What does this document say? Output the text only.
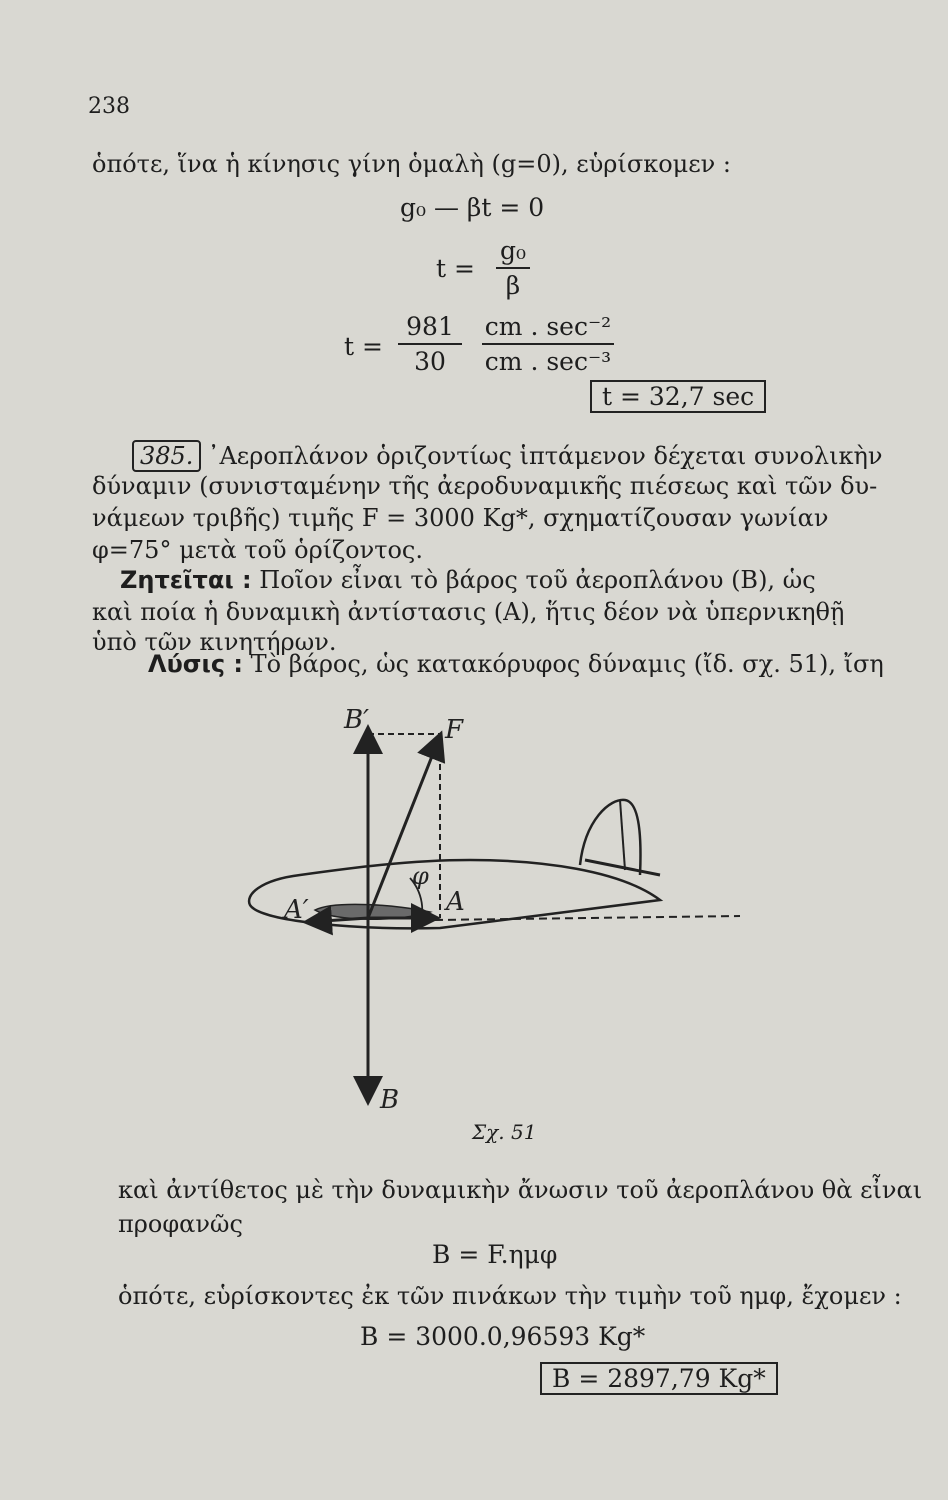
238
ὁπότε, ἵνα ἡ κίνησις γίνη ὁμαλὴ (g=0), εὑρίσκομεν :
g₀ — βt = 0
t =
g₀
β
t =
981
30
cm . sec⁻²
cm . sec⁻³
t = 32,7 sec
385. ᾿Αεροπλάνον ὁριζοντίως ἱπτάμενον δέχεται συνολικὴν
δύναμιν (συνισταμένην τῆς ἀεροδυναμικῆς πιέσεως καὶ τῶν δυ-
νάμεων τριβῆς) τιμῆς F = 3000 Kg*, σχηματίζουσαν γωνίαν
φ=75° μετὰ τοῦ ὁρίζοντος.
Ζητεῖται : Ποῖον εἶναι τὸ βάρος τοῦ ἀεροπλάνου (B), ὡς
καὶ ποία ἡ δυναμικὴ ἀντίστασις (A), ἥτις δέον νὰ ὑπερνικηθῇ
ὑπὸ τῶν κινητήρων.
Λύσις : Τὸ βάρος, ὡς κατακόρυφος δύναμις (ἴδ. σχ. 51), ἴση
B′	F
φ
A′	A
B
Σχ. 51
καὶ ἀντίθετος μὲ τὴν δυναμικὴν ἄνωσιν τοῦ ἀεροπλάνου θὰ εἶναι
προφανῶς
B = F.ημφ
ὁπότε, εὑρίσκοντες ἐκ τῶν πινάκων τὴν τιμὴν τοῦ ημφ, ἔχομεν :
B = 3000.0,96593 Kg*
B = 2897,79 Kg*
